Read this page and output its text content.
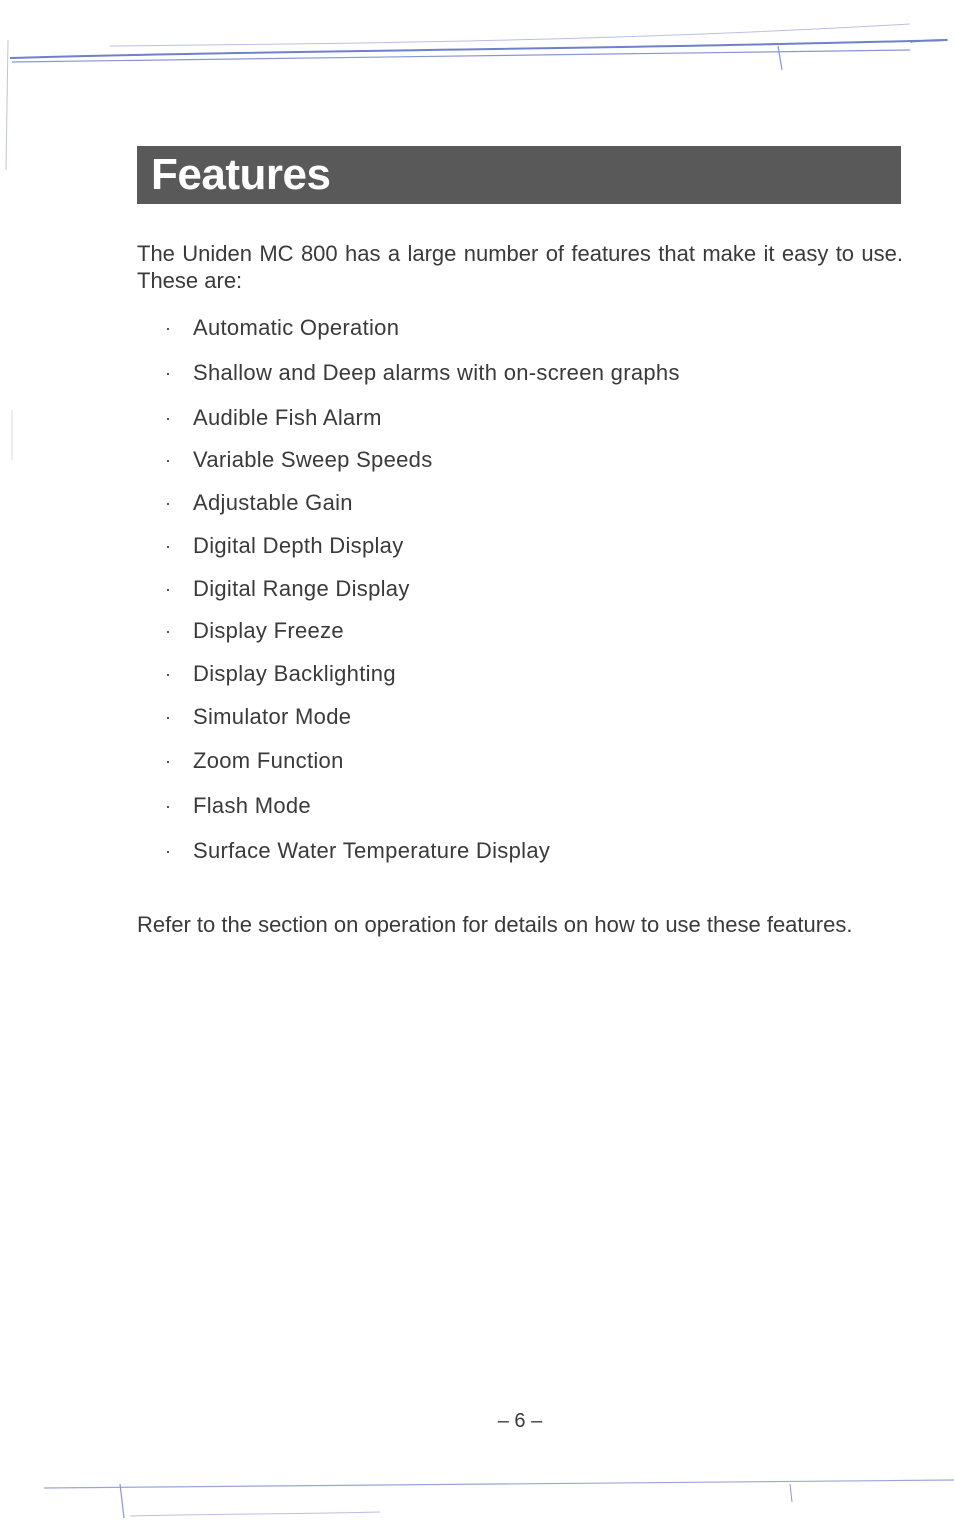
Features

The Uniden MC 800 has a large number of features that make it easy to use. These are:

· Automatic Operation
· Shallow and Deep alarms with on-screen graphs
· Audible Fish Alarm
· Variable Sweep Speeds
· Adjustable Gain
· Digital Depth Display
· Digital Range Display
· Display Freeze
· Display Backlighting
· Simulator Mode
· Zoom Function
· Flash Mode
· Surface Water Temperature Display

Refer to the section on operation for details on how to use these features.

– 6 –
